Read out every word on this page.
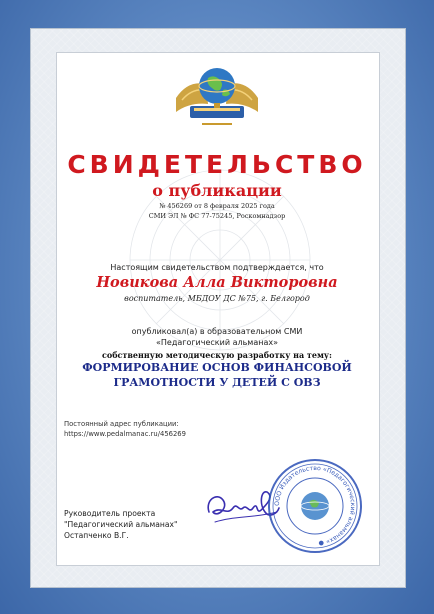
СВИДЕТЕЛЬСТВО
о публикации
№ 456269 от 8 февраля 2025 года
СМИ ЭЛ № ФС 77-75245, Роскомнадзор
Настоящим свидетельством подтверждается, что
Новикова Алла Викторовна
воспитатель, МБДОУ ДС №75, г. Белгород
опубликовал(а) в образовательном СМИ
«Педагогический альманах»
собственную методическую разработку на тему:
ФОРМИРОВАНИЕ ОСНОВ ФИНАНСОВОЙ
ГРАМОТНОСТИ У ДЕТЕЙ С ОВЗ
Постоянный адрес публикации:
https://www.pedalmanac.ru/456269
Руководитель проекта
"Педагогический альманах"
Остапченко В.Г.
ООО Издательство «Педагогический альманах» ●
